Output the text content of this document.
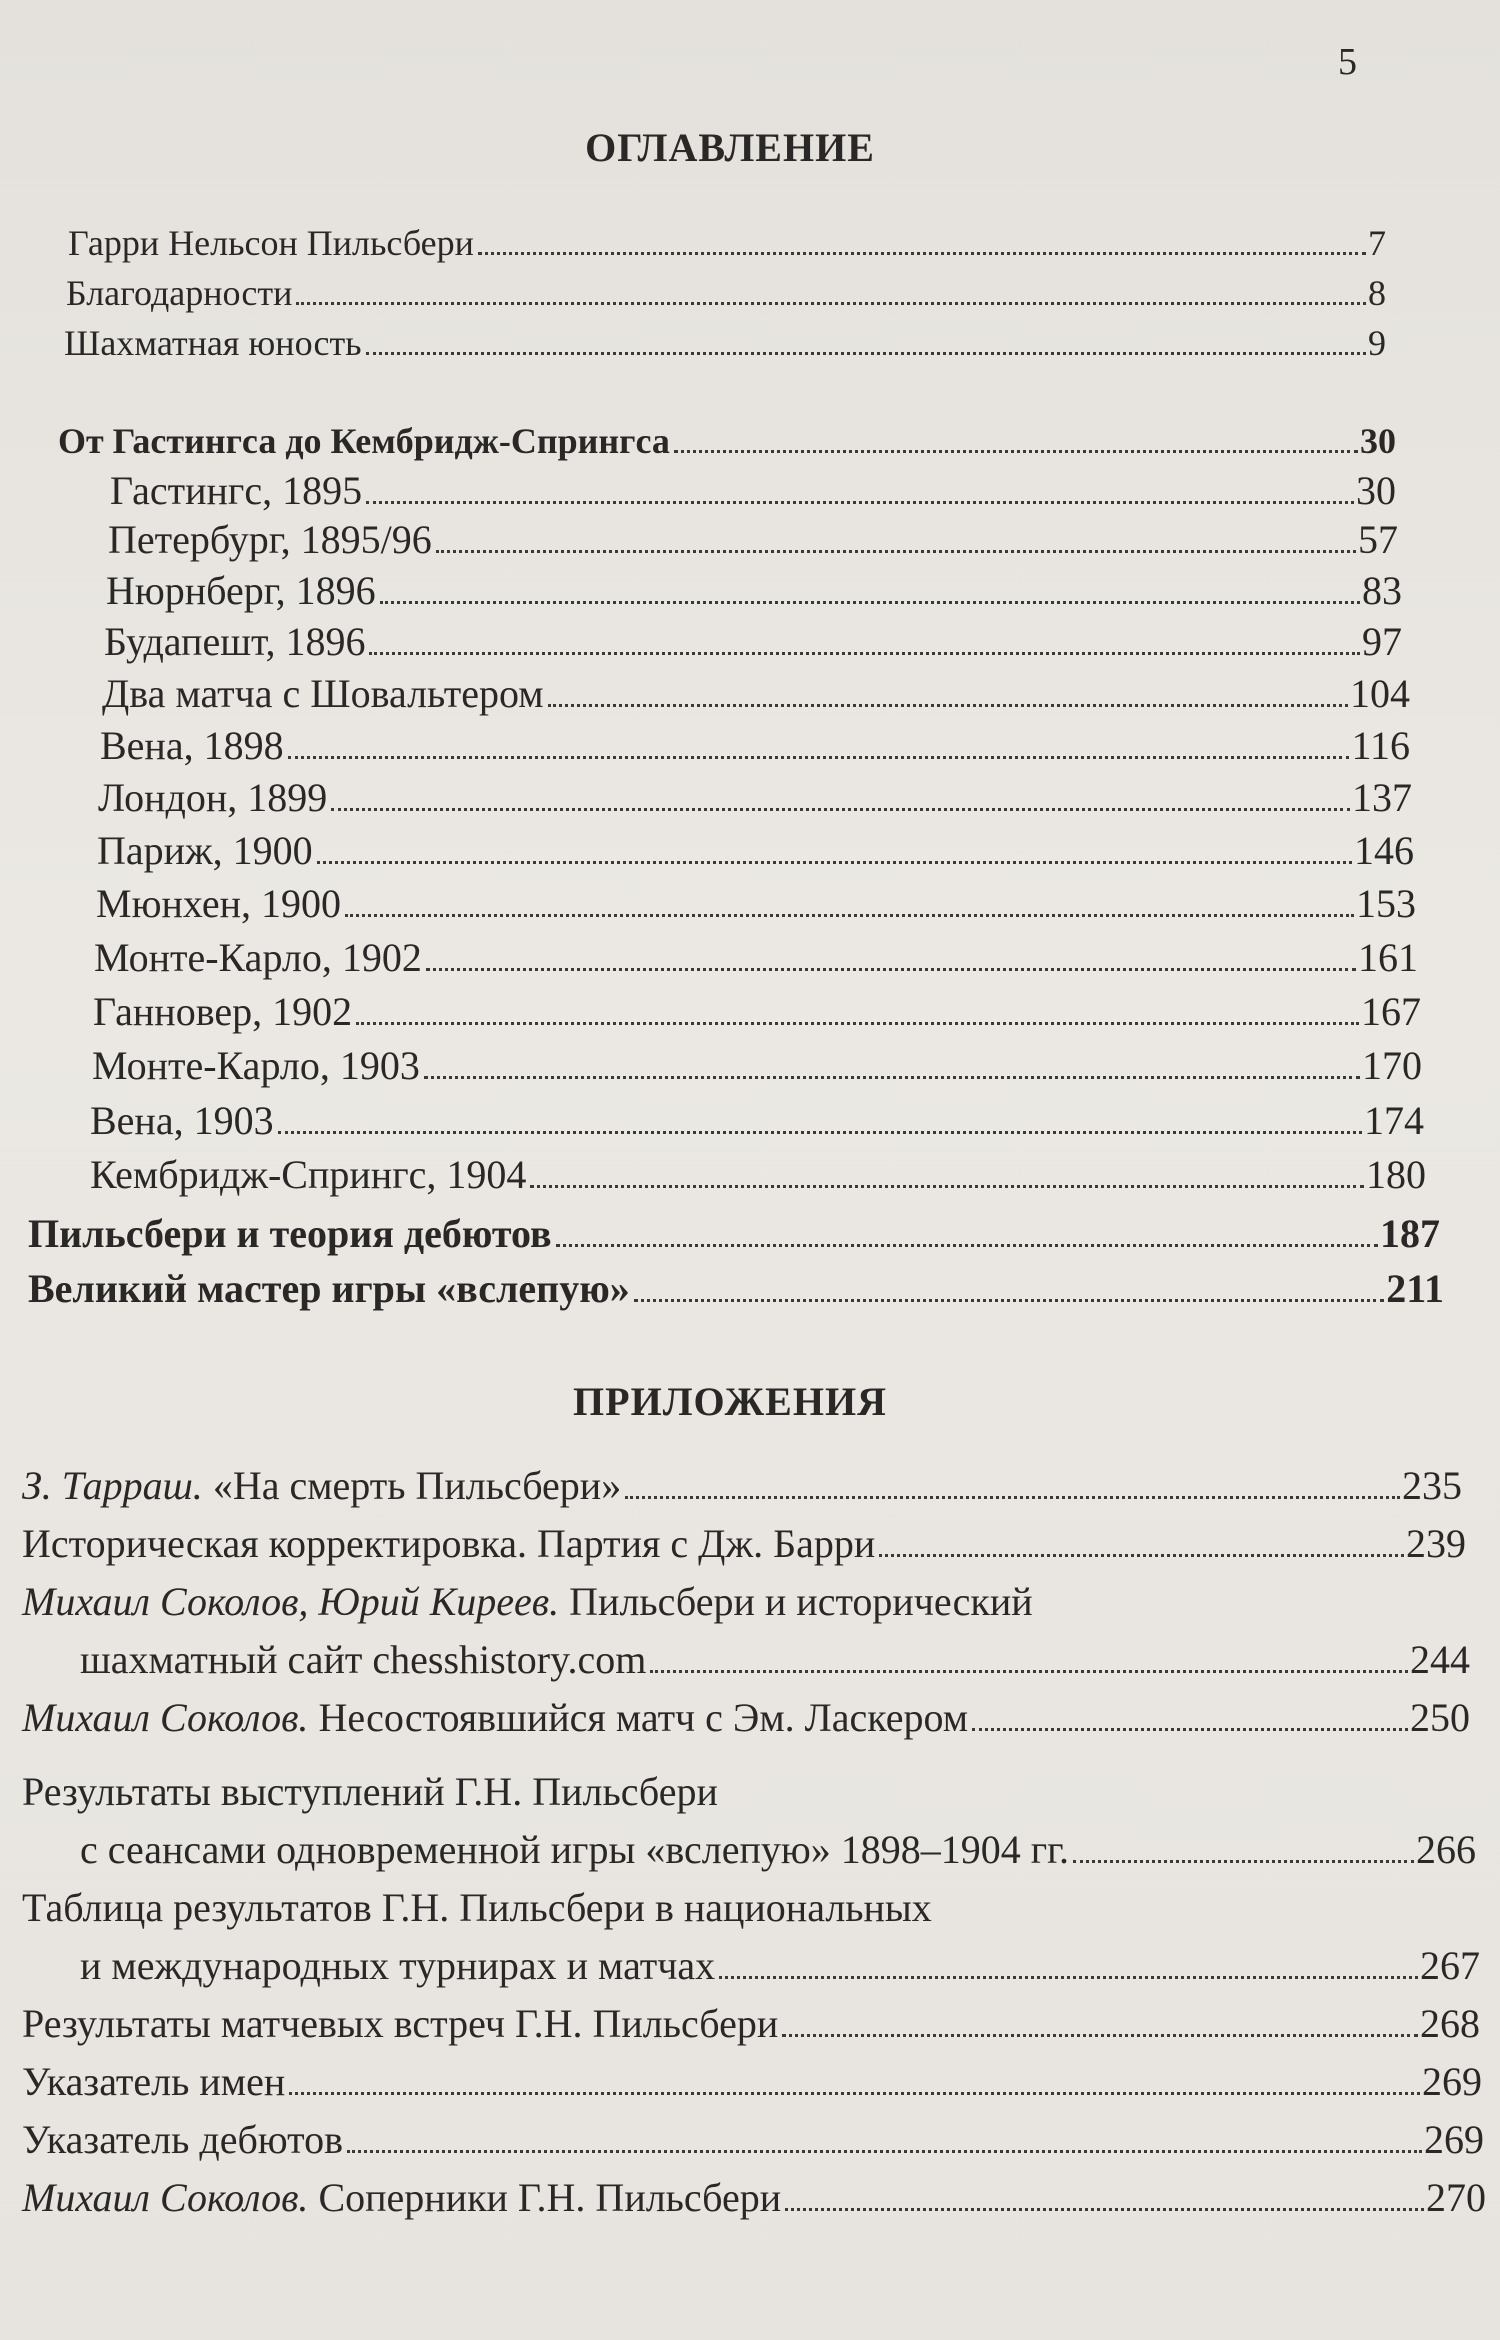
5
ОГЛАВЛЕНИЕ
Гарри Нельсон Пильсбери	7
Благодарности	8
Шахматная юность	9
От Гастингса до Кембридж-Спрингса	30
Гастингс, 1895	30
Петербург, 1895/96	57
Нюрнберг, 1896	83
Будапешт, 1896	97
Два матча с Шовальтером	104
Вена, 1898	116
Лондон, 1899	137
Париж, 1900	146
Мюнхен, 1900	153
Монте-Карло, 1902	161
Ганновер, 1902	167
Монте-Карло, 1903	170
Вена, 1903	174
Кембридж-Спрингс, 1904	180
Пильсбери и теория дебютов	187
Великий мастер игры «вслепую»	211
ПРИЛОЖЕНИЯ
З. Тарраш. «На смерть Пильсбери»	235
Историческая корректировка. Партия с Дж. Барри	239
Михаил Соколов, Юрий Киреев. Пильсбери и исторический
шахматный сайт chesshistory.com	244
Михаил Соколов. Несостоявшийся матч с Эм. Ласкером	250
Результаты выступлений Г.Н. Пильсбери
с сеансами одновременной игры «вслепую» 1898–1904 гг.	266
Таблица результатов Г.Н. Пильсбери в национальных
и международных турнирах и матчах	267
Результаты матчевых встреч Г.Н. Пильсбери	268
Указатель имен	269
Указатель дебютов	269
Михаил Соколов. Соперники Г.Н. Пильсбери	270
